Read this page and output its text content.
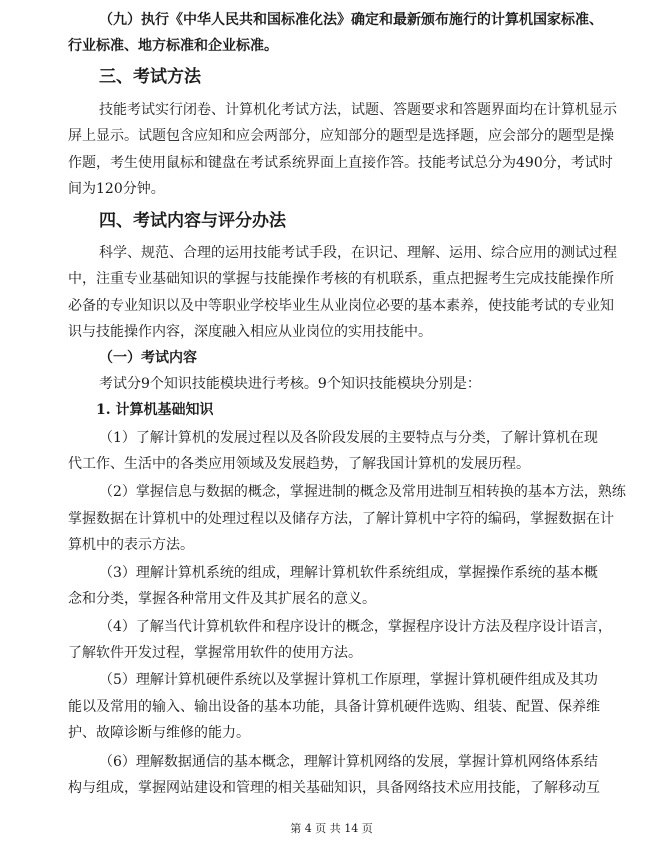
（九）执行《中华人民共和国标准化法》确定和最新颁布施行的计算机国家标准、
行业标准、地方标准和企业标准。
三、考试方法
技能考试实行闭卷、计算机化考试方法，试题、答题要求和答题界面均在计算机显示
屏上显示。试题包含应知和应会两部分，应知部分的题型是选择题，应会部分的题型是操
作题，考生使用鼠标和键盘在考试系统界面上直接作答。技能考试总分为490分，考试时
间为120分钟。
四、考试内容与评分办法
科学、规范、合理的运用技能考试手段，在识记、理解、运用、综合应用的测试过程
中，注重专业基础知识的掌握与技能操作考核的有机联系，重点把握考生完成技能操作所
必备的专业知识以及中等职业学校毕业生从业岗位必要的基本素养，使技能考试的专业知
识与技能操作内容，深度融入相应从业岗位的实用技能中。
（一）考试内容
考试分9个知识技能模块进行考核。9个知识技能模块分别是：
1. 计算机基础知识
（1）了解计算机的发展过程以及各阶段发展的主要特点与分类，了解计算机在现
代工作、生活中的各类应用领域及发展趋势，了解我国计算机的发展历程。
（2）掌握信息与数据的概念，掌握进制的概念及常用进制互相转换的基本方法，熟练
掌握数据在计算机中的处理过程以及储存方法，了解计算机中字符的编码，掌握数据在计
算机中的表示方法。
（3）理解计算机系统的组成，理解计算机软件系统组成，掌握操作系统的基本概
念和分类，掌握各种常用文件及其扩展名的意义。
（4）了解当代计算机软件和程序设计的概念，掌握程序设计方法及程序设计语言，
了解软件开发过程，掌握常用软件的使用方法。
（5）理解计算机硬件系统以及掌握计算机工作原理，掌握计算机硬件组成及其功
能以及常用的输入、输出设备的基本功能，具备计算机硬件选购、组装、配置、保养维
护、故障诊断与维修的能力。
（6）理解数据通信的基本概念，理解计算机网络的发展，掌握计算机网络体系结
构与组成，掌握网站建设和管理的相关基础知识，具备网络技术应用技能，了解移动互
第 4 页 共 14 页
